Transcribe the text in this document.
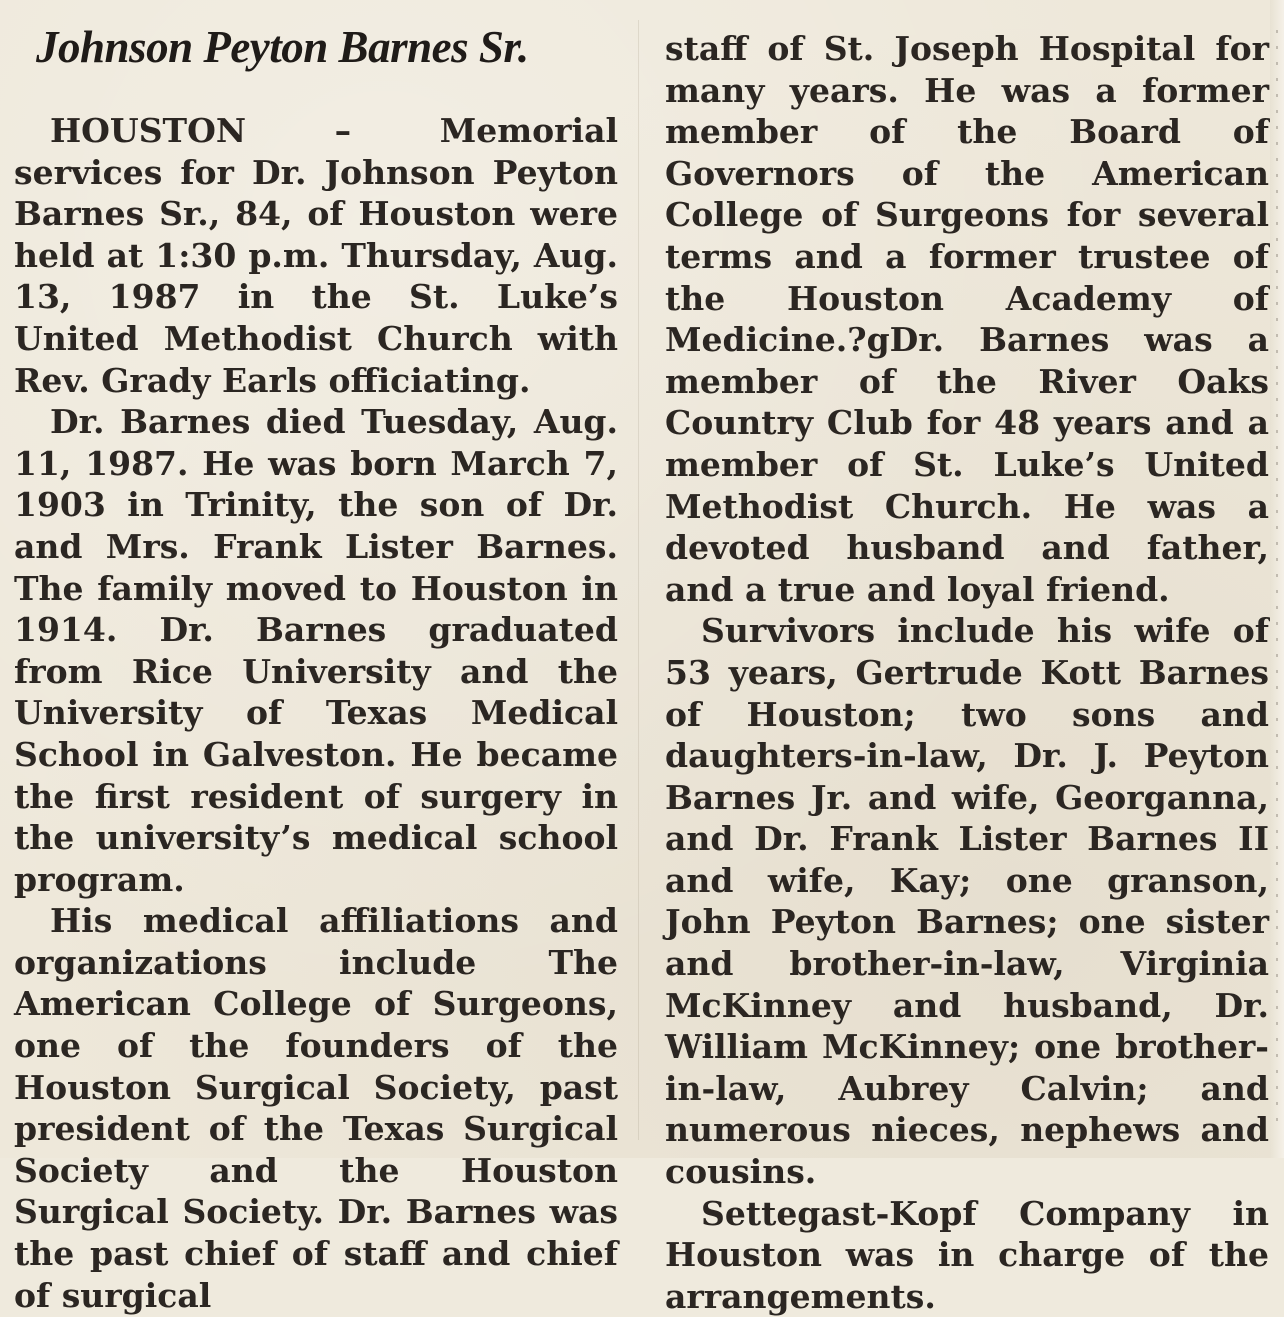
Johnson Peyton Barnes Sr.

HOUSTON – Memorial services for Dr. Johnson Peyton Barnes Sr., 84, of Houston were held at 1:30 p.m. Thursday, Aug. 13, 1987 in the St. Luke’s United Methodist Church with Rev. Grady Earls officiating.

Dr. Barnes died Tuesday, Aug. 11, 1987. He was born March 7, 1903 in Trinity, the son of Dr. and Mrs. Frank Lister Barnes. The family moved to Houston in 1914. Dr. Barnes graduated from Rice University and the University of Texas Medical School in Galveston. He became the first resident of surgery in the university’s medical school program.

His medical affiliations and organizations include The American College of Surgeons, one of the founders of the Houston Surgical Society, past president of the Texas Surgical Society and the Houston Surgical Society. Dr. Barnes was the past chief of staff and chief of surgical

staff of St. Joseph Hospital for many years. He was a former member of the Board of Governors of the American College of Surgeons for several terms and a former trustee of the Houston Academy of Medicine.?gDr. Barnes was a member of the River Oaks Country Club for 48 years and a member of St. Luke’s United Methodist Church. He was a devoted husband and father, and a true and loyal friend.

Survivors include his wife of 53 years, Gertrude Kott Barnes of Houston; two sons and daughters-in-law, Dr. J. Peyton Barnes Jr. and wife, Georganna, and Dr. Frank Lister Barnes II and wife, Kay; one granson, John Peyton Barnes; one sister and brother-in-law, Virginia McKinney and husband, Dr. William McKinney; one brother-in-law, Aubrey Calvin; and numerous nieces, nephews and cousins.

Settegast-Kopf Company in Houston was in charge of the arrangements.
